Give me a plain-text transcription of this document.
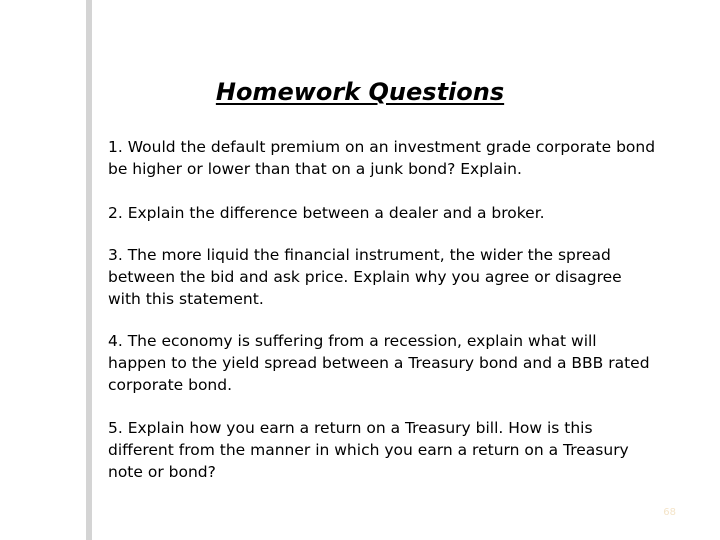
Homework Questions

1. Would the default premium on an investment grade corporate bond
be higher or lower than that on a junk bond? Explain.

2. Explain the difference between a dealer and a broker.

3. The more liquid the financial instrument, the wider the spread
between the bid and ask price. Explain why you agree or disagree
with this statement.

4. The economy is suffering from a recession, explain what will
happen to the yield spread between a Treasury bond and a BBB rated
corporate bond.

5. Explain how you earn a return on a Treasury bill. How is this
different from the manner in which you earn a return on a Treasury
note or bond?

68
